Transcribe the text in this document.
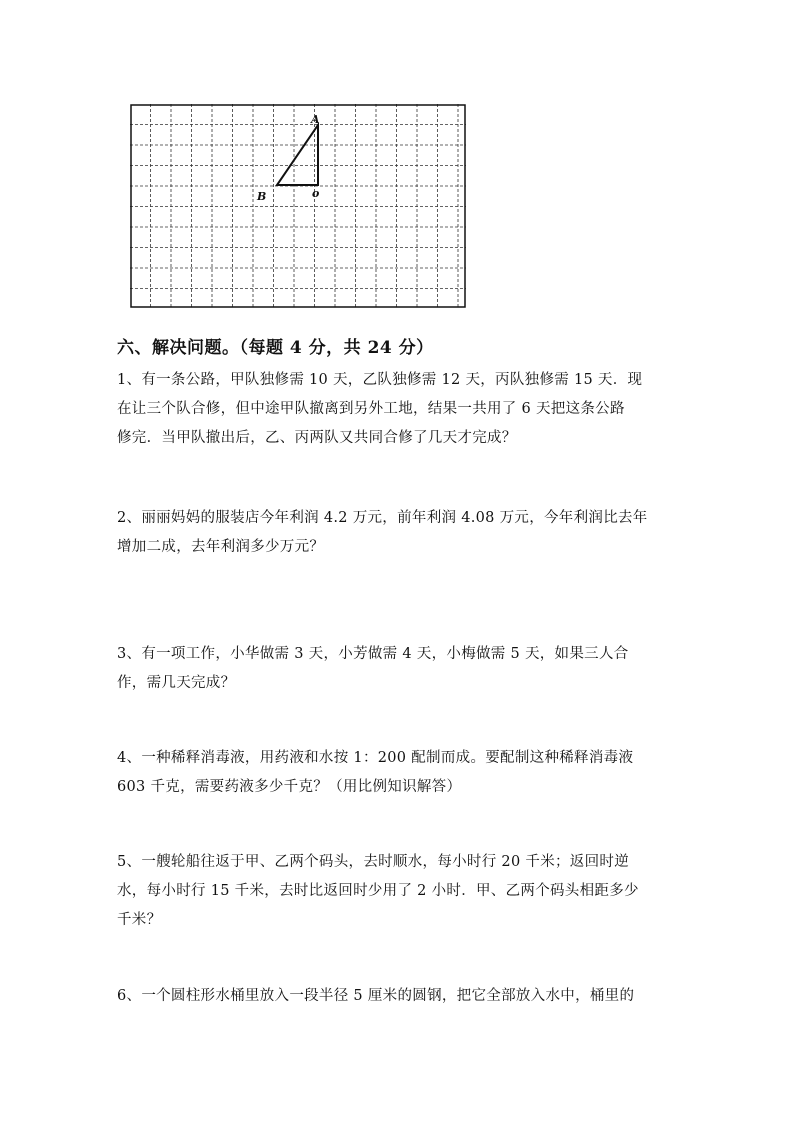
A
B	o
六、解决问题。（每题 4 分，共 24 分）
1、有一条公路，甲队独修需 10 天，乙队独修需 12 天，丙队独修需 15 天．现
在让三个队合修，但中途甲队撤离到另外工地，结果一共用了 6 天把这条公路
修完．当甲队撤出后，乙、丙两队又共同合修了几天才完成？
2、丽丽妈妈的服装店今年利润 4.2 万元，前年利润 4.08 万元，今年利润比去年
增加二成，去年利润多少万元？
3、有一项工作，小华做需 3 天，小芳做需 4 天，小梅做需 5 天，如果三人合
作，需几天完成？
4、一种稀释消毒液，用药液和水按 1：200 配制而成。要配制这种稀释消毒液
603 千克，需要药液多少千克？（用比例知识解答）
5、一艘轮船往返于甲、乙两个码头，去时顺水，每小时行 20 千米；返回时逆
水，每小时行 15 千米，去时比返回时少用了 2 小时．甲、乙两个码头相距多少
千米？
6、一个圆柱形水桶里放入一段半径 5 厘米的圆钢，把它全部放入水中，桶里的
